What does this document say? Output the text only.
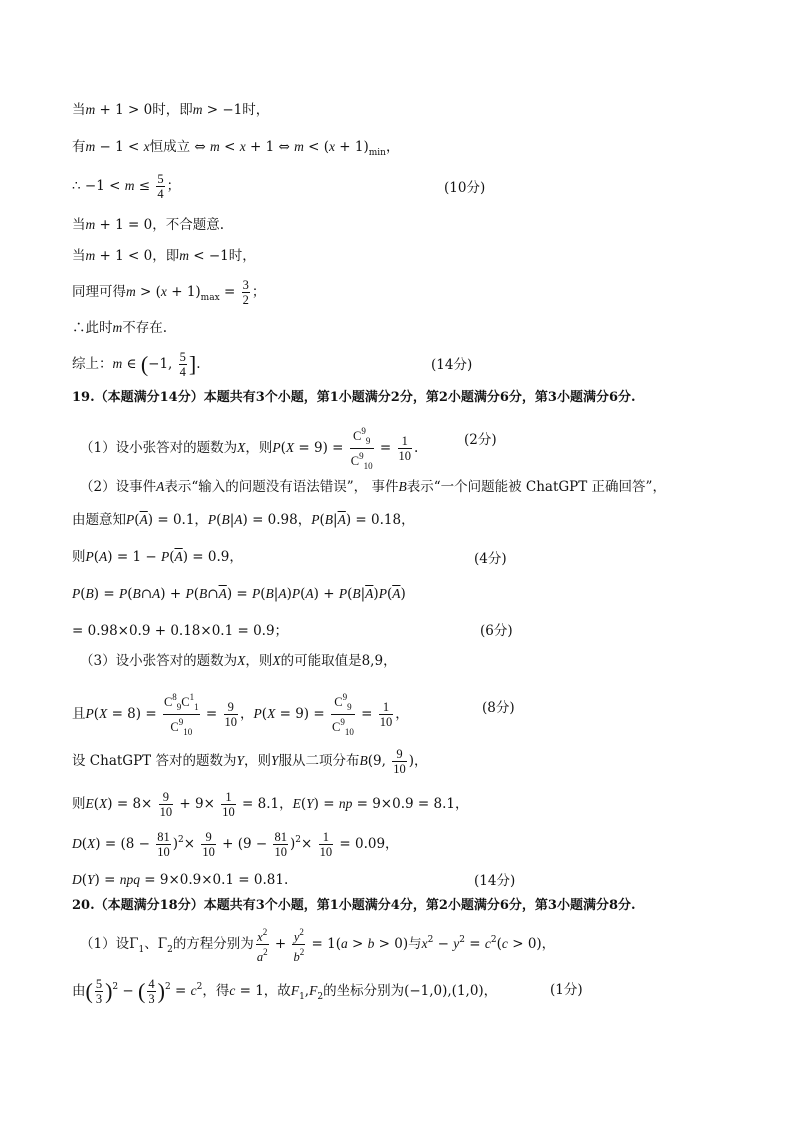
当m + 1 > 0时，即m > −1时，
有m − 1 < x恒成立 ⇔ m < x + 1 ⇔ $m < (x + 1)_{min}$，
∴ $-1 < m \le \frac{5}{4}$ ；	(10分)
当m + 1 = 0，不合题意.
当m + 1 < 0，即m < −1时，
同理可得$m > (x + 1)_{max} = \frac{3}{2}$ ；
∴此时m不存在.
综上：m ∈ (−1, $\frac{5}{4}$ ].	(14分)
19.（本题满分14分）本题共有3个小题，第1小题满分2分，第2小题满分6分，第3小题满分6分.
（1）设小张答对的题数为X，则$P(X = 9) = \frac{C^9_9}{C^9_{10}} = \frac{1}{10}$ .	(2分)
（2）设事件A表示“输入的问题没有语法错误”， 事件B表示“一个问题能被 ChatGPT 正确回答”，
由题意知$P(\overline{A}) = 0.1$，P(B|A) = 0.98，$P(B|\overline{A}) = 0.18$，
则$P(A) = 1 - P(\overline{A}) = 0.9$，	(4分)
P(B) = P(B∩A) + $P(B\cap\overline{A}) = P(B|A)P(A) + P(B|\overline{A})P(\overline{A})$
= 0.98×0.9 + 0.18×0.1 = 0.9；	(6分)
（3）设小张答对的题数为X，则X的可能取值是8,9，
且$P(X = 8) = \frac{C^8_9C^1_1}{C^9_{10}} = \frac{9}{10}$ ，$P(X = 9) = \frac{C^9_9}{C^9_{10}} = \frac{1}{10}$ ，	(8分)
设 ChatGPT 答对的题数为Y，则Y服从二项分布B(9, $\frac{9}{10}$ )，
则$E(X) = 8\times \frac{9}{10} + 9\times \frac{1}{10} = 8.1$，E(Y) = np = 9×0.9 = 8.1，
$D(X) = (8 - \frac{81}{10} )^2\times \frac{9}{10} + (9 - \frac{81}{10} )^2\times \frac{1}{10} = 0.09$，
D(Y) = npq = 9×0.9×0.1 = 0.81.	(14分)
20.（本题满分18分）本题共有3个小题，第1小题满分4分，第2小题满分6分，第3小题满分8分.
（1）设$\Gamma_1$、$\Gamma_2$的方程分别为 $\frac{x^2}{a^2} + \frac{y^2}{b^2} = 1(a > b > 0)$与$x^2 - y^2 = c^2(c > 0)$，
由( $\frac{5}{3} )^2$ − ( $\frac{4}{3} )^2 = c^2$，得c = 1，故$F_1,F_2$的坐标分别为(−1,0),(1,0)，	(1分)
